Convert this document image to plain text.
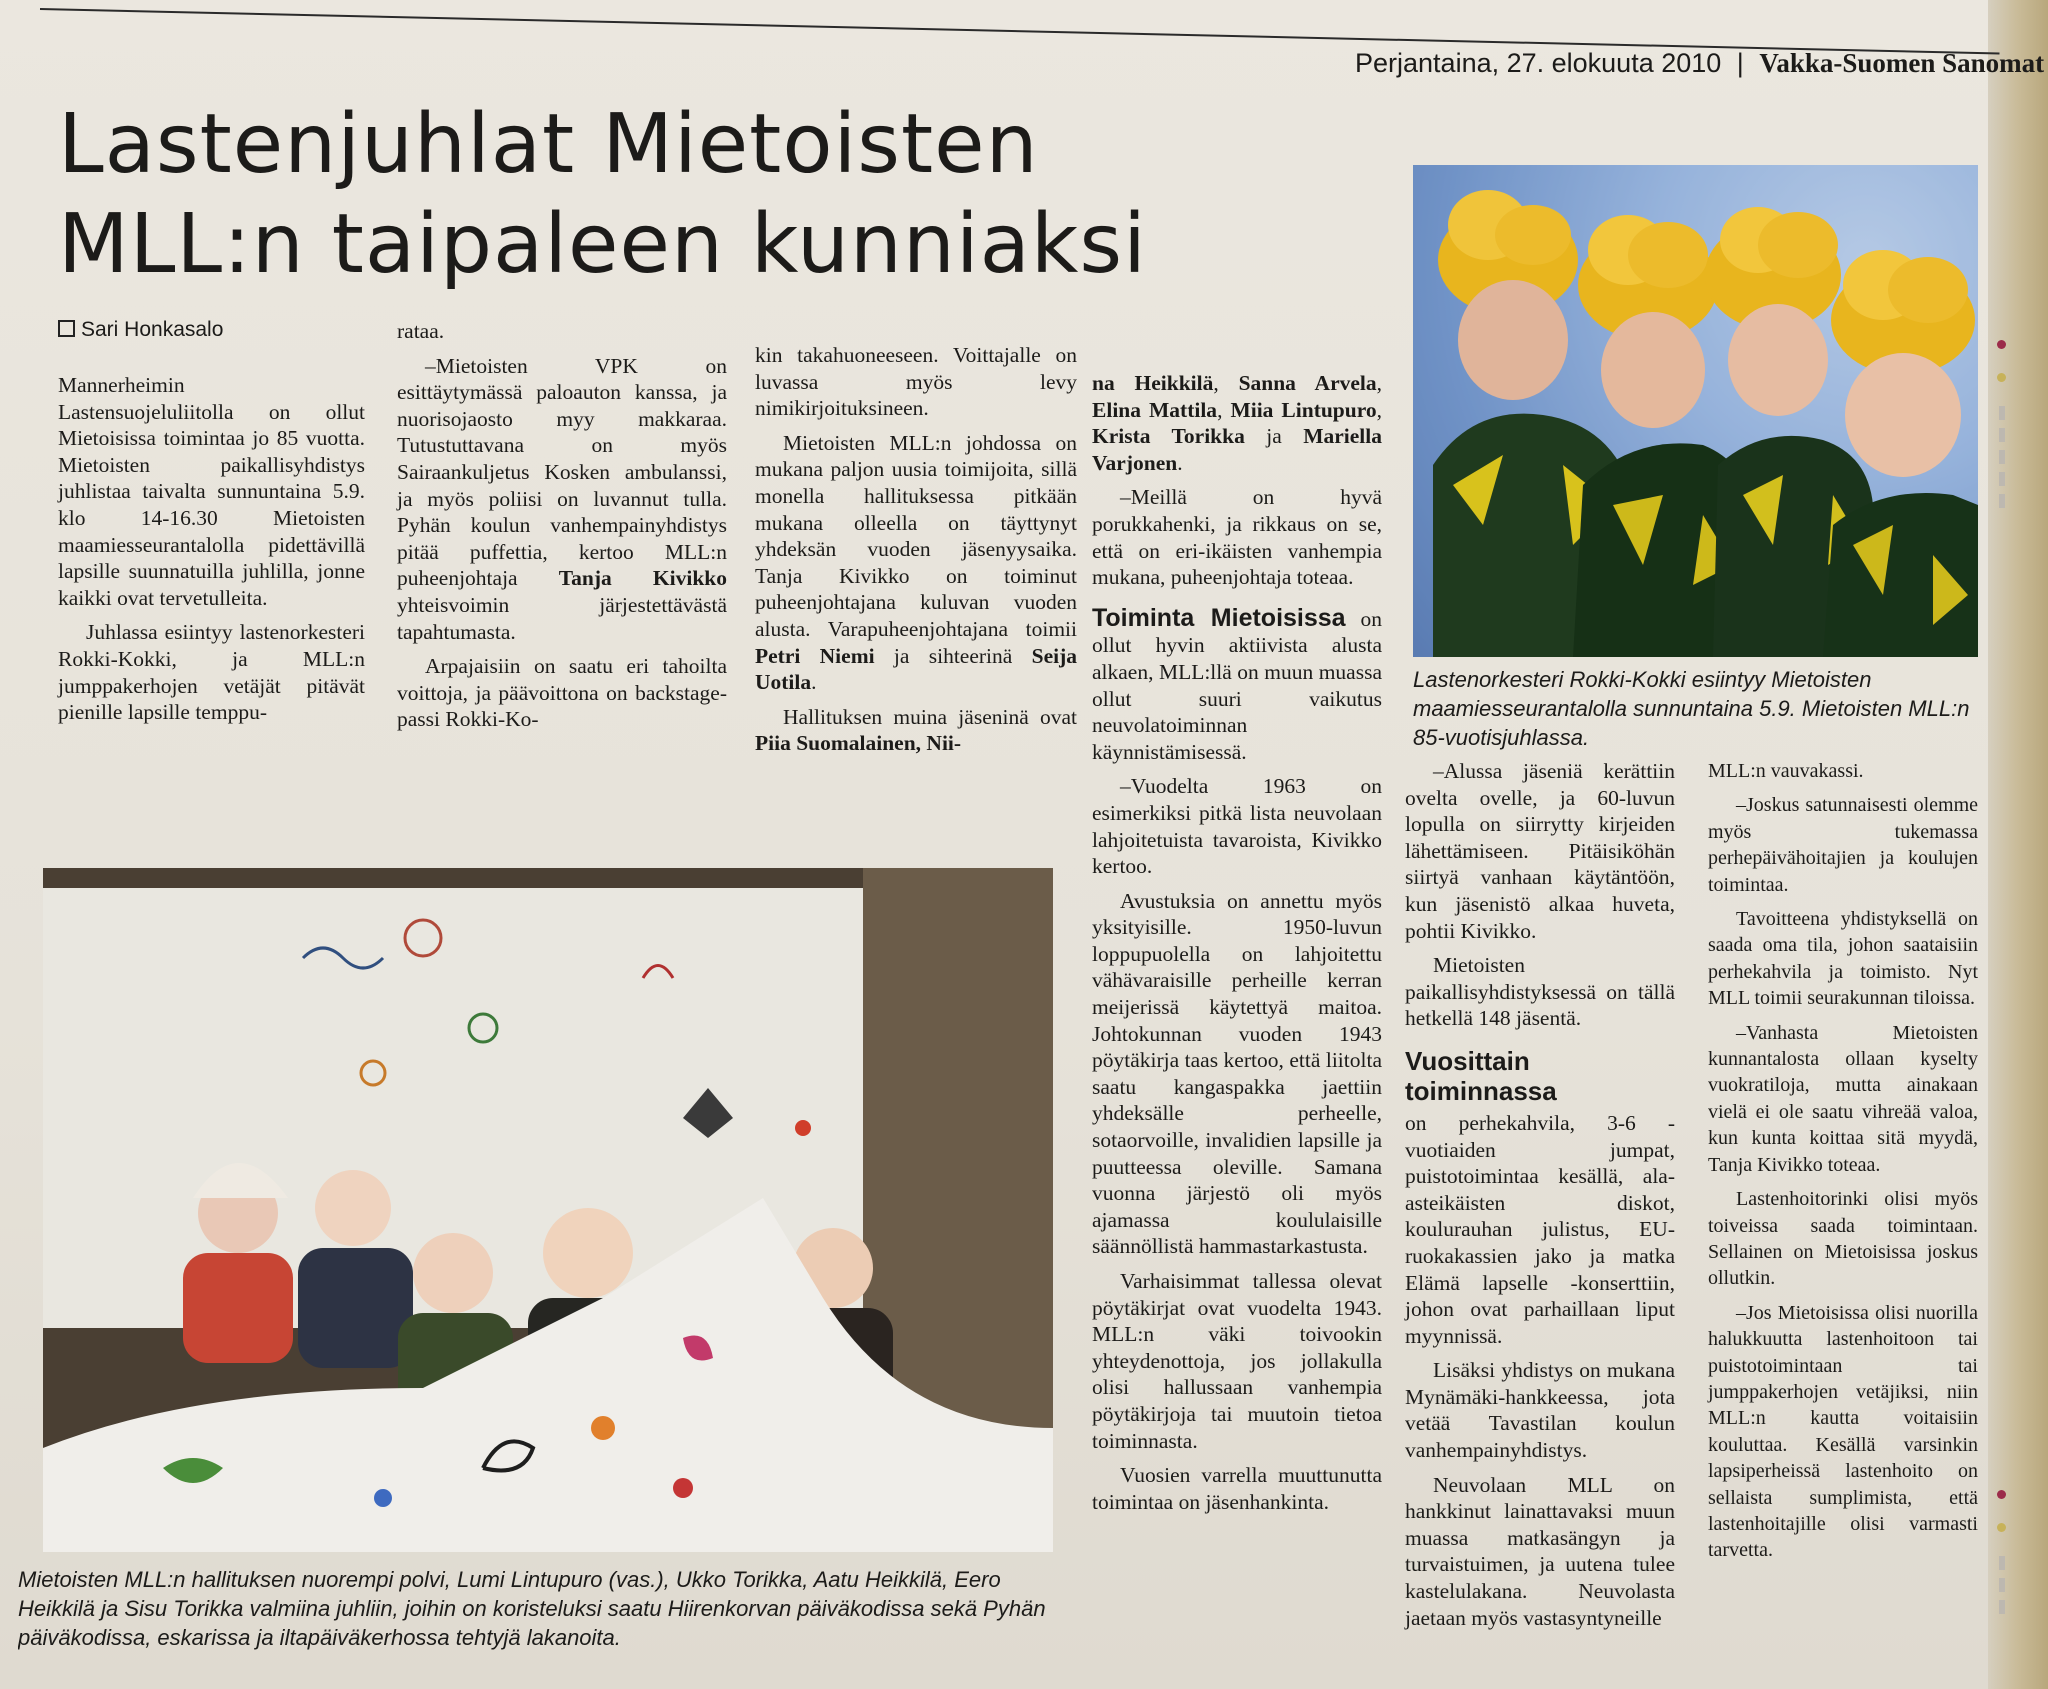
Perjantaina, 27. elokuuta 2010 | Vakka-Suomen Sanomat
Lastenjuhlat Mietoisten
MLL:n taipaleen kunniaksi
Sari Honkasalo

Mannerheimin Lastensuojeluliitolla on ollut Mietoisissa toimintaa jo 85 vuotta. Mietoisten paikallisyhdistys juhlistaa taivalta sunnuntaina 5.9. klo 14-16.30 Mietoisten maamiesseurantalolla pidettävillä lapsille suunnatuilla juhlilla, jonne kaikki ovat tervetulleita.

Juhlassa esiintyy lastenorkesteri Rokki-Kokki, ja MLL:n jumppakerhojen vetäjät pitävät pienille lapsille temppu-

rataa.

–Mietoisten VPK on esittäytymässä paloauton kanssa, ja nuorisojaosto myy makkaraa. Tutustuttavana on myös Sairaankuljetus Kosken ambulanssi, ja myös poliisi on luvannut tulla. Pyhän koulun vanhempainyhdistys pitää puffettia, kertoo MLL:n puheenjohtaja Tanja Kivikko yhteisvoimin järjestettävästä tapahtumasta.

Arpajaisiin on saatu eri tahoilta voittoja, ja päävoittona on backstage-passi Rokki-Ko-

kin takahuoneeseen. Voittajalle on luvassa myös levy nimikirjoituksineen.

Mietoisten MLL:n johdossa on mukana paljon uusia toimijoita, sillä monella hallituksessa pitkään mukana olleella on täyttynyt yhdeksän vuoden jäsenyysaika. Tanja Kivikko on toiminut puheenjohtajana kuluvan vuoden alusta. Varapuheenjohtajana toimii Petri Niemi ja sihteerinä Seija Uotila.

Hallituksen muina jäseninä ovat Piia Suomalainen, Nii-

na Heikkilä, Sanna Arvela, Elina Mattila, Miia Lintupuro, Krista Torikka ja Mariella Varjonen.

–Meillä on hyvä porukkahenki, ja rikkaus on se, että on eri-ikäisten vanhempia mukana, puheenjohtaja toteaa.

Toiminta Mietoisissa on ollut hyvin aktiivista alusta alkaen, MLL:llä on muun muassa ollut suuri vaikutus neuvolatoiminnan käynnistämisessä.

–Vuodelta 1963 on esimerkiksi pitkä lista neuvolaan lahjoitetuista tavaroista, Kivikko kertoo.

Avustuksia on annettu myös yksityisille. 1950-luvun loppupuolella on lahjoitettu vähävaraisille perheille kerran meijerissä käytettyä maitoa. Johtokunnan vuoden 1943 pöytäkirja taas kertoo, että liitolta saatu kangaspakka jaettiin yhdeksälle perheelle, sotaorvoille, invalidien lapsille ja puutteessa oleville. Samana vuonna järjestö oli myös ajamassa koululaisille säännöllistä hammastarkastusta.

Varhaisimmat tallessa olevat pöytäkirjat ovat vuodelta 1943. MLL:n väki toivookin yhteydenottoja, jos jollakulla olisi hallussaan vanhempia pöytäkirjoja tai muutoin tietoa toiminnasta.

Vuosien varrella muuttunutta toimintaa on jäsenhankinta.

Lastenorkesteri Rokki-Kokki esiintyy Mietoisten maamiesseurantalolla sunnuntaina 5.9. Mietoisten MLL:n 85-vuotisjuhlassa.

–Alussa jäseniä kerättiin ovelta ovelle, ja 60-luvun lopulla on siirrytty kirjeiden lähettämiseen. Pitäisiköhän siirtyä vanhaan käytäntöön, kun jäsenistö alkaa huveta, pohtii Kivikko.

Mietoisten paikallisyhdistyksessä on tällä hetkellä 148 jäsentä.

Vuosittain toiminnassa

on perhekahvila, 3-6 -vuotiaiden jumpat, puistotoimintaa kesällä, ala-asteikäisten diskot, koulurauhan julistus, EU-ruokakassien jako ja matka Elämä lapselle -konserttiin, johon ovat parhaillaan liput myynnissä.

Lisäksi yhdistys on mukana Mynämäki-hankkeessa, jota vetää Tavastilan koulun vanhempainyhdistys.

Neuvolaan MLL on hankkinut lainattavaksi muun muassa matkasängyn ja turvaistuimen, ja uutena tulee kastelulakana. Neuvolasta jaetaan myös vastasyntyneille

MLL:n vauvakassi.

–Joskus satunnaisesti olemme myös tukemassa perhepäivähoitajien ja koulujen toimintaa.

Tavoitteena yhdistyksellä on saada oma tila, johon saataisiin perhekahvila ja toimisto. Nyt MLL toimii seurakunnan tiloissa.

–Vanhasta Mietoisten kunnantalosta ollaan kyselty vuokratiloja, mutta ainakaan vielä ei ole saatu vihreää valoa, kun kunta koittaa sitä myydä, Tanja Kivikko toteaa.

Lastenhoitorinki olisi myös toiveissa saada toimintaan. Sellainen on Mietoisissa joskus ollutkin.

–Jos Mietoisissa olisi nuorilla halukkuutta lastenhoitoon tai puistotoimintaan tai jumppakerhojen vetäjiksi, niin MLL:n kautta voitaisiin kouluttaa. Kesällä varsinkin lapsiperheissä lastenhoito on sellaista sumplimista, että lastenhoitajille olisi varmasti tarvetta.

Mietoisten MLL:n hallituksen nuorempi polvi, Lumi Lintupuro (vas.), Ukko Torikka, Aatu Heikkilä, Eero Heikkilä ja Sisu Torikka valmiina juhliin, joihin on koristeluksi saatu Hiirenkorvan päiväkodissa sekä Pyhän päiväkodissa, eskarissa ja iltapäiväkerhossa tehtyjä lakanoita.
